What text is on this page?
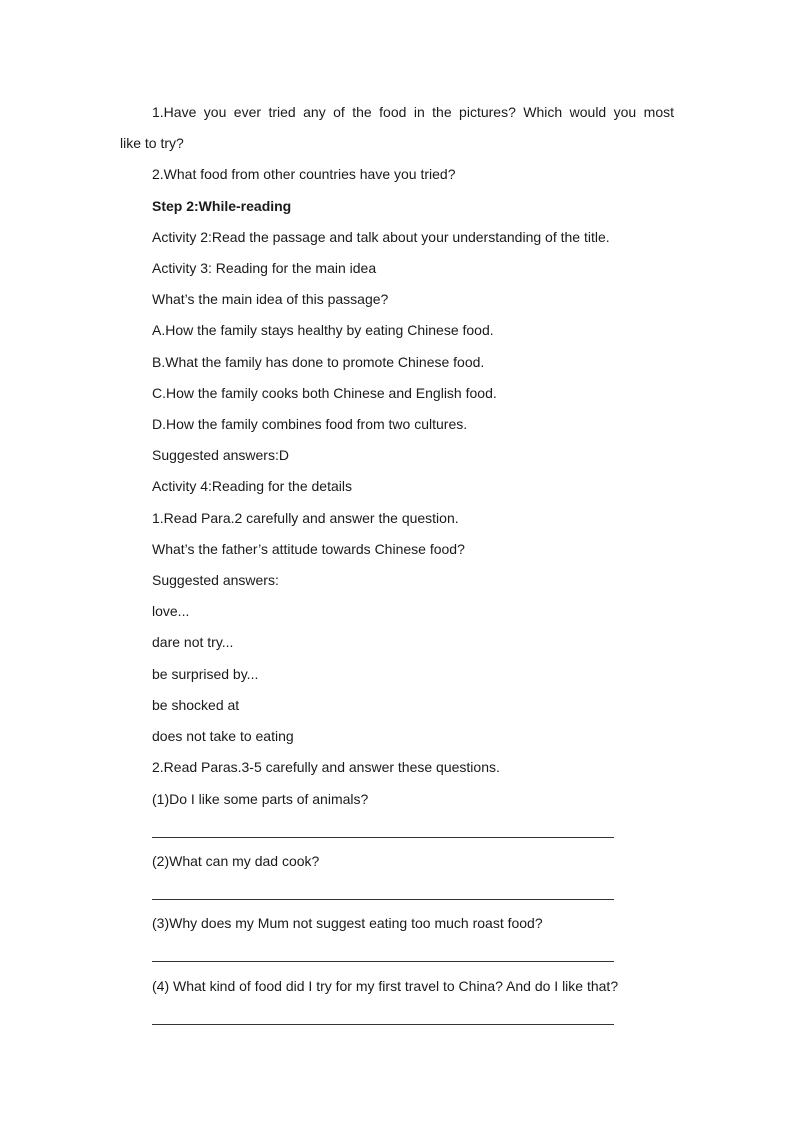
1.Have you ever tried any of the food in the pictures? Which would you most
like to try?
2.What food from other countries have you tried?
Step 2:While-reading
Activity 2:Read the passage and talk about your understanding of the title.
Activity 3: Reading for the main idea
What’s the main idea of this passage?
A.How the family stays healthy by eating Chinese food.
B.What the family has done to promote Chinese food.
C.How the family cooks both Chinese and English food.
D.How the family combines food from two cultures.
Suggested answers:D
Activity 4:Reading for the details
1.Read Para.2 carefully and answer the question.
What’s the father’s attitude towards Chinese food?
Suggested answers:
love...
dare not try...
be surprised by...
be shocked at
does not take to eating
2.Read Paras.3-5 carefully and answer these questions.
(1)Do I like some parts of animals?
(2)What can my dad cook?
(3)Why does my Mum not suggest eating too much roast food?
(4) What kind of food did I try for my first travel to China? And do I like that?
